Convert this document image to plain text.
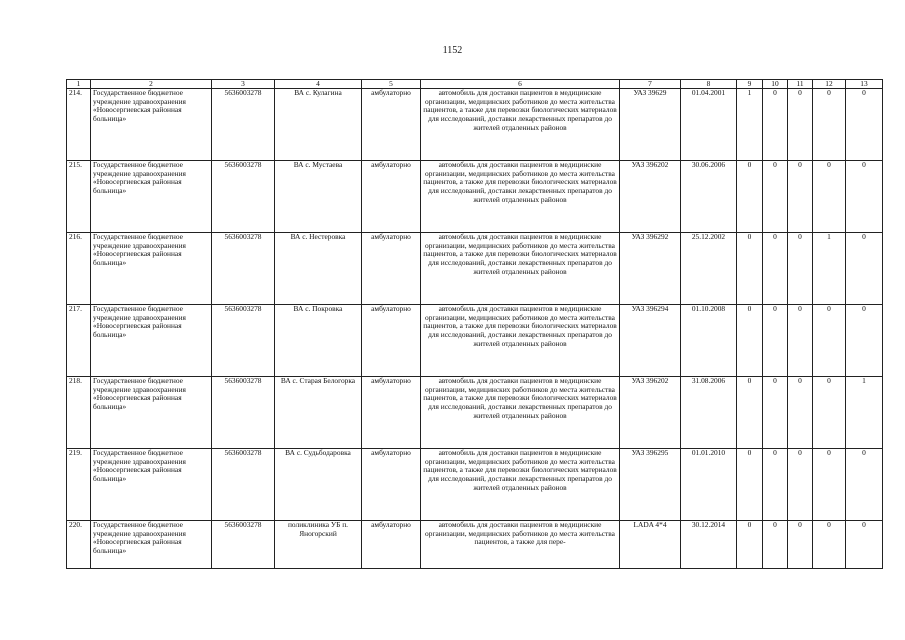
1152
1	2	3	4	5	6	7	8	9	10	11	12	13
214.	Государственное бюджетное учреждение здравоохранения «Новосергиевская районная больница»	5636003278	ВА с. Кулагина	амбулаторно	автомобиль для доставки пациентов в медицинские организации, медицинских работников до места жительства пациентов, а также для перевозки биологических материалов для исследований, доставки лекарственных препаратов до жителей отдаленных районов	УАЗ 39629	01.04.2001	1	0	0	0	0
215.	Государственное бюджетное учреждение здравоохранения «Новосергиевская районная больница»	5636003278	ВА с. Мустаева	амбулаторно	автомобиль для доставки пациентов в медицинские организации, медицинских работников до места жительства пациентов, а также для перевозки биологических материалов для исследований, доставки лекарственных препаратов до жителей отдаленных районов	УАЗ 396202	30.06.2006	0	0	0	0	0
216.	Государственное бюджетное учреждение здравоохранения «Новосергиевская районная больница»	5636003278	ВА с. Нестеровка	амбулаторно	автомобиль для доставки пациентов в медицинские организации, медицинских работников до места жительства пациентов, а также для перевозки биологических материалов для исследований, доставки лекарственных препаратов до жителей отдаленных районов	УАЗ 396292	25.12.2002	0	0	0	1	0
217.	Государственное бюджетное учреждение здравоохранения «Новосергиевская районная больница»	5636003278	ВА с. Покровка	амбулаторно	автомобиль для доставки пациентов в медицинские организации, медицинских работников до места жительства пациентов, а также для перевозки биологических материалов для исследований, доставки лекарственных препаратов до жителей отдаленных районов	УАЗ 396294	01.10.2008	0	0	0	0	0
218.	Государственное бюджетное учреждение здравоохранения «Новосергиевская районная больница»	5636003278	ВА с. Старая Белогорка	амбулаторно	автомобиль для доставки пациентов в медицинские организации, медицинских работников до места жительства пациентов, а также для перевозки биологических материалов для исследований, доставки лекарственных препаратов до жителей отдаленных районов	УАЗ 396202	31.08.2006	0	0	0	0	1
219.	Государственное бюджетное учреждение здравоохранения «Новосергиевская районная больница»	5636003278	ВА с. Судьбодаровка	амбулаторно	автомобиль для доставки пациентов в медицинские организации, медицинских работников до места жительства пациентов, а также для перевозки биологических материалов для исследований, доставки лекарственных препаратов до жителей отдаленных районов	УАЗ 396295	01.01.2010	0	0	0	0	0
220.	Государственное бюджетное учреждение здравоохранения «Новосергиевская районная больница»	5636003278	поликлиника УБ п. Яногорский	амбулаторно	автомобиль для доставки пациентов в медицинские организации, медицинских работников до места жительства пациентов, а также для пере-	LADA 4*4	30.12.2014	0	0	0	0	0
